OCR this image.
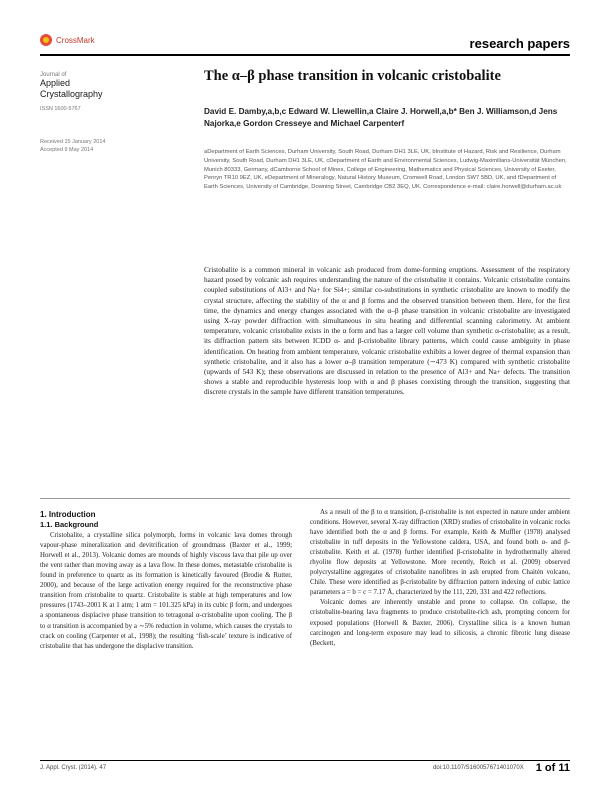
CrossMark	research papers
Journal of
Applied
Crystallography
ISSN 1600-5767
Received 15 January 2014
Accepted 9 May 2014
The α–β phase transition in volcanic cristobalite
David E. Damby,a,b,c Edward W. Llewellin,a Claire J. Horwell,a,b* Ben J. Williamson,d Jens Najorka,e Gordon Cresseye and Michael Carpenterf
aDepartment of Earth Sciences, Durham University, South Road, Durham DH1 3LE, UK, bInstitute of Hazard, Risk and Resilience, Durham University, South Road, Durham DH1 3LE, UK, cDepartment of Earth and Environmental Sciences, Ludwig-Maximilians-Universität München, Munich 80333, Germany, dCamborne School of Mines, College of Engineering, Mathematics and Physical Sciences, University of Exeter, Penryn TR10 9EZ, UK, eDepartment of Mineralogy, Natural History Museum, Cromwell Road, London SW7 5BD, UK, and fDepartment of Earth Sciences, University of Cambridge, Downing Street, Cambridge CB2 3EQ, UK. Correspondence e-mail: claire.horwell@durham.ac.uk
Cristobalite is a common mineral in volcanic ash produced from dome-forming eruptions. Assessment of the respiratory hazard posed by volcanic ash requires understanding the nature of the cristobalite it contains. Volcanic cristobalite contains coupled substitutions of Al3+ and Na+ for Si4+; similar co-substitutions in synthetic cristobalite are known to modify the crystal structure, affecting the stability of the α and β forms and the observed transition between them. Here, for the first time, the dynamics and energy changes associated with the α–β phase transition in volcanic cristobalite are investigated using X-ray powder diffraction with simultaneous in situ heating and differential scanning calorimetry. At ambient temperature, volcanic cristobalite exists in the α form and has a larger cell volume than synthetic α-cristobalite; as a result, its diffraction pattern sits between ICDD α- and β-cristobalite library patterns, which could cause ambiguity in phase identification. On heating from ambient temperature, volcanic cristobalite exhibits a lower degree of thermal expansion than synthetic cristobalite, and it also has a lower α–β transition temperature (∼473 K) compared with synthetic cristobalite (upwards of 543 K); these observations are discussed in relation to the presence of Al3+ and Na+ defects. The transition shows a stable and reproducible hysteresis loop with α and β phases coexisting through the transition, suggesting that discrete crystals in the sample have different transition temperatures.
1. Introduction
1.1. Background

Cristobalite, a crystalline silica polymorph, forms in volcanic lava domes through vapour-phase mineralization and devitrification of groundmass (Baxter et al., 1999; Horwell et al., 2013). Volcanic domes are mounds of highly viscous lava that pile up over the vent rather than moving away as a lava flow. In these domes, metastable cristobalite is found in preference to quartz as its formation is kinetically favoured (Brodie & Rutter, 2000), and because of the large activation energy required for the reconstructive phase transition from cristobalite to quartz. Cristobalite is stable at high temperatures and low pressures (1743–2001 K at 1 atm; 1 atm = 101.325 kPa) in its cubic β form, and undergoes a spontaneous displacive phase transition to tetragonal α-cristobalite upon cooling. The β to α transition is accompanied by a ∼5% reduction in volume, which causes the crystals to crack on cooling (Carpenter et al., 1998); the resulting ‘fish-scale’ texture is indicative of cristobalite that has undergone the displacive transition.

As a result of the β to α transition, β-cristobalite is not expected in nature under ambient conditions. However, several X-ray diffraction (XRD) studies of cristobalite in volcanic rocks have identified both the α and β forms. For example, Keith & Muffler (1978) analysed cristobalite in tuff deposits in the Yellowstone caldera, USA, and found both α- and β-cristobalite. Keith et al. (1978) further identified β-cristobalite in hydrothermally altered rhyolite flow deposits at Yellowstone. More recently, Reich et al. (2009) observed polycrystalline aggregates of cristobalite nanofibres in ash erupted from Chaitén volcano, Chile. These were identified as β-cristobalite by diffraction pattern indexing of cubic lattice parameters a = b = c = 7.17 Å, characterized by the 111, 220, 331 and 422 reflections.

Volcanic domes are inherently unstable and prone to collapse. On collapse, the cristobalite-bearing lava fragments to produce cristobalite-rich ash, prompting concern for exposed populations (Horwell & Baxter, 2006). Crystalline silica is a known human carcinogen and long-term exposure may lead to silicosis, a chronic fibrotic lung disease (Beckett,

J. Appl. Cryst. (2014). 47	doi:10.1107/S160057671401070X 1 of 11
